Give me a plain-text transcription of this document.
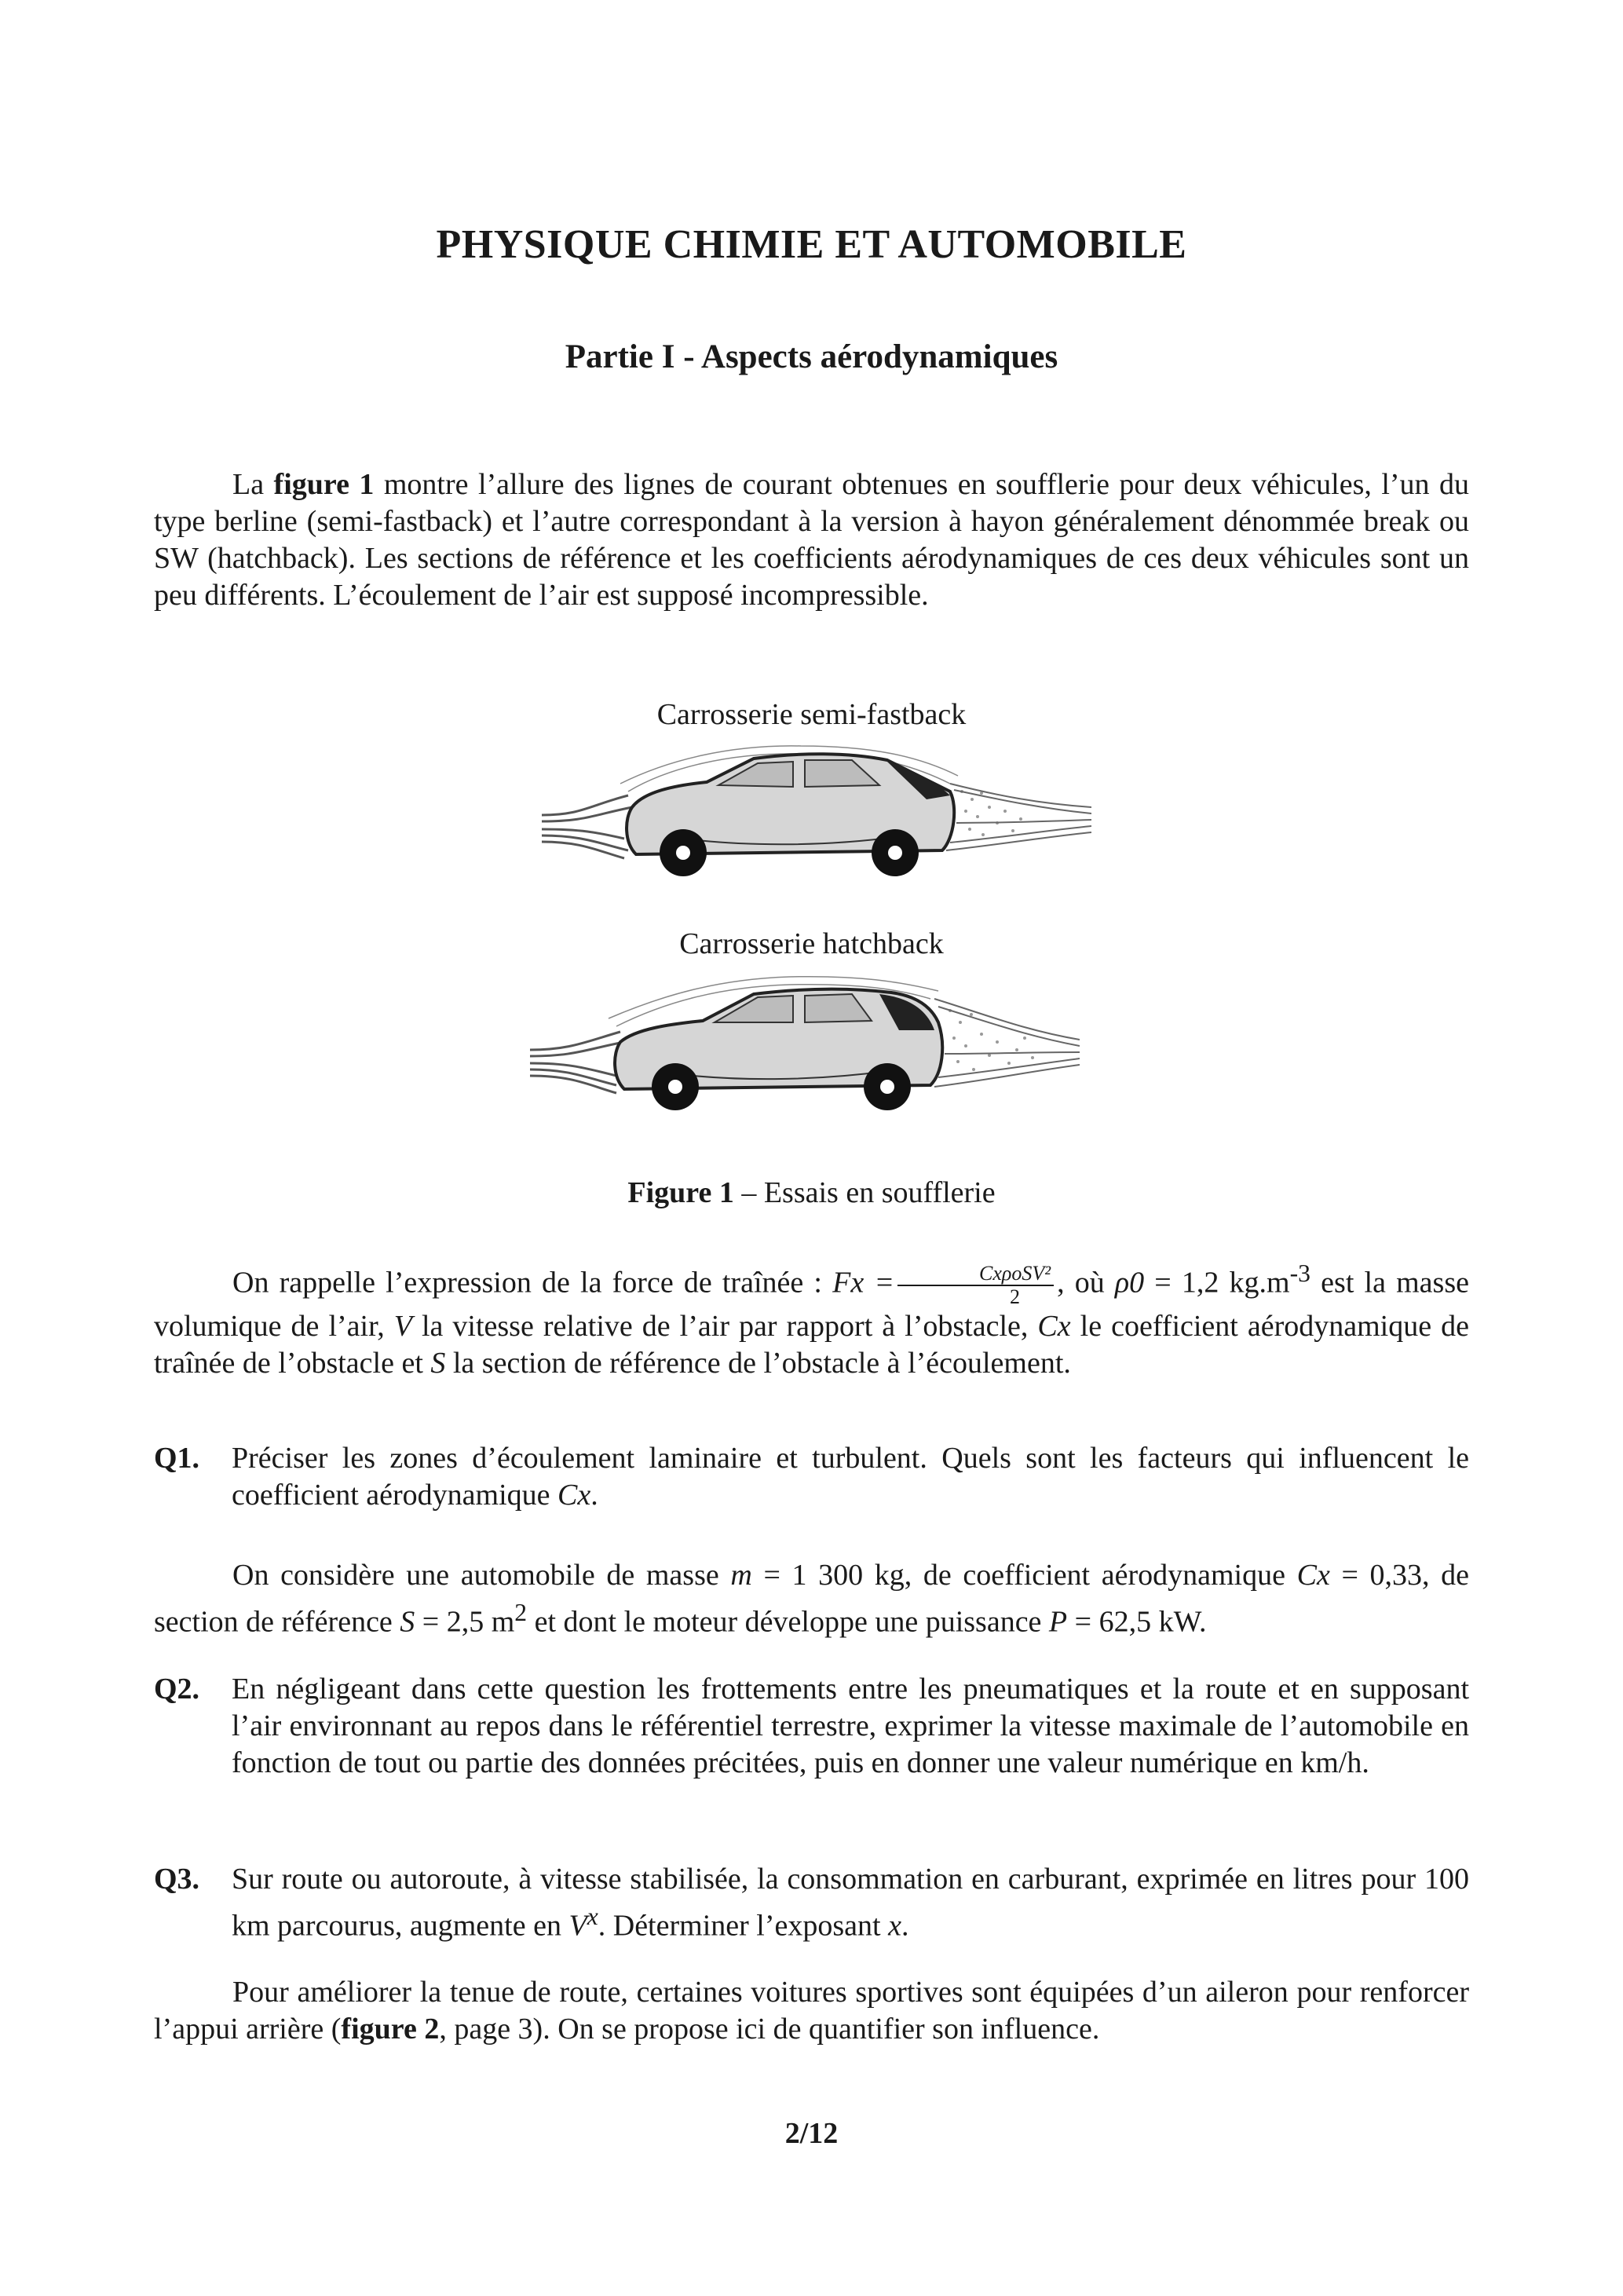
PHYSIQUE CHIMIE ET AUTOMOBILE
Partie I - Aspects aérodynamiques

La figure 1 montre l’allure des lignes de courant obtenues en soufflerie pour deux véhicules, l’un du type berline (semi-fastback) et l’autre correspondant à la version à hayon généralement dénommée break ou SW (hatchback). Les sections de référence et les coefficients aérodynamiques de ces deux véhicules sont un peu différents. L’écoulement de l’air est supposé incompressible.

Carrosserie semi-fastback
Carrosserie hatchback
Figure 1 – Essais en soufflerie

On rappelle l’expression de la force de traînée : $Fx = \frac{\text{CxρoSV²}}{2}$ , où ρ0 = 1,2 $kg.m^{-3}$ est la masse volumique de l’air, V la vitesse relative de l’air par rapport à l’obstacle, Cx le coefficient aérodynamique de traînée de l’obstacle et S la section de référence de l’obstacle à l’écoulement.

Q1. Préciser les zones d’écoulement laminaire et turbulent. Quels sont les facteurs qui influencent le coefficient aérodynamique Cx.

On considère une automobile de masse m = 1 300 kg, de coefficient aérodynamique Cx = 0,33, de section de référence S = 2,5 $m^2$ et dont le moteur développe une puissance P = 62,5 kW.

Q2. En négligeant dans cette question les frottements entre les pneumatiques et la route et en supposant l’air environnant au repos dans le référentiel terrestre, exprimer la vitesse maximale de l’automobile en fonction de tout ou partie des données précitées, puis en donner une valeur numérique en km/h.
Q3. Sur route ou autoroute, à vitesse stabilisée, la consommation en carburant, exprimée en litres pour 100 km parcourus, augmente en $V^x$. Déterminer l’exposant x.

Pour améliorer la tenue de route, certaines voitures sportives sont équipées d’un aileron pour renforcer l’appui arrière (figure 2, page 3). On se propose ici de quantifier son influence.

2/12
